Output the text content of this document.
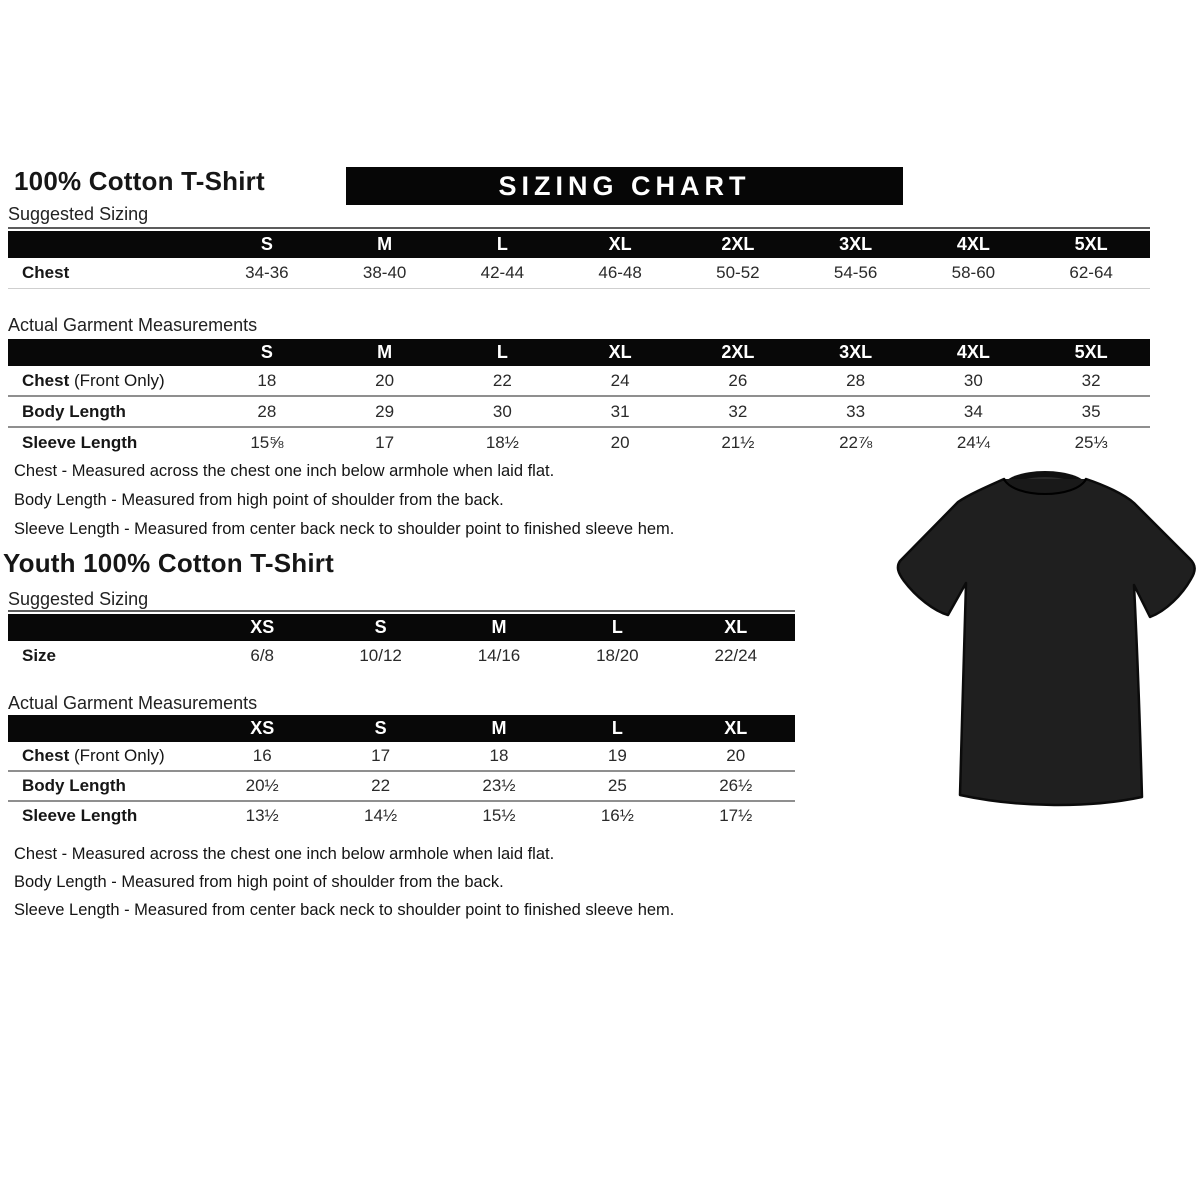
100% Cotton T-Shirt	SIZING CHART
Suggested Sizing
S	M	L	XL	2XL	3XL	4XL	5XL
Chest	34-36	38-40	42-44	46-48	50-52	54-56	58-60	62-64
Actual Garment Measurements
S	M	L	XL	2XL	3XL	4XL	5XL
Chest (Front Only)	18	20	22	24	26	28	30	32
Body Length	28	29	30	31	32	33	34	35
Sleeve Length	15⅝	17	18½	20	21½	22⅞	24¼	25⅓
Chest - Measured across the chest one inch below armhole when laid flat.
Body Length - Measured from high point of shoulder from the back.
Sleeve Length - Measured from center back neck to shoulder point to finished sleeve hem.
Youth 100% Cotton T-Shirt
Suggested Sizing
XS	S	M	L	XL
Size	6/8	10/12	14/16	18/20	22/24
Actual Garment Measurements
XS	S	M	L	XL
Chest (Front Only)	16	17	18	19	20
Body Length	20½	22	23½	25	26½
Sleeve Length	13½	14½	15½	16½	17½
Chest - Measured across the chest one inch below armhole when laid flat.
Body Length - Measured from high point of shoulder from the back.
Sleeve Length - Measured from center back neck to shoulder point to finished sleeve hem.
